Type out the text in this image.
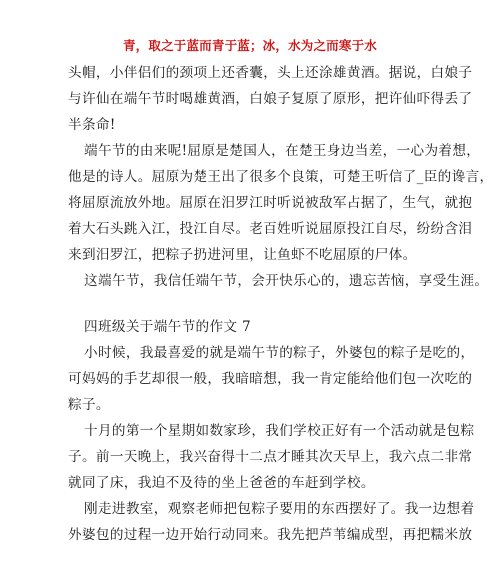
青，取之于蓝而青于蓝；冰，水为之而寒于水
头帽，小伴侣们的颈项上还香囊，头上还涂雄黄酒。据说，白娘子
与许仙在端午节时喝雄黄酒，白娘子复原了原形，把许仙吓得丢了
半条命!
端午节的由来呢!屈原是楚国人，在楚王身边当差，一心为着想，
他是的诗人。屈原为楚王出了很多个良策，可楚王听信了_臣的谗言，
将屈原流放外地。屈原在汨罗江时听说被敌军占据了，生气，就抱
着大石头跳入江，投江自尽。老百姓听说屈原投江自尽，纷纷含泪
来到汨罗江，把粽子扔进河里，让鱼虾不吃屈原的尸体。
这端午节，我信任端午节，会开快乐心的，遗忘苦恼，享受生涯。
四班级关于端午节的作文 7
小时候，我最喜爱的就是端午节的粽子，外婆包的粽子是吃的，
可妈妈的手艺却很一般，我暗暗想，我一肯定能给他们包一次吃的
粽子。
十月的第一个星期如数家珍，我们学校正好有一个活动就是包粽
子。前一天晚上，我兴奋得十二点才睡其次天早上，我六点二非常
就同了床，我迫不及待的坐上爸爸的车赶到学校。
刚走进教室，观察老师把包粽子要用的东西摆好了。我一边想着
外婆包的过程一边开始行动同来。我先把芦苇编成型，再把糯米放
